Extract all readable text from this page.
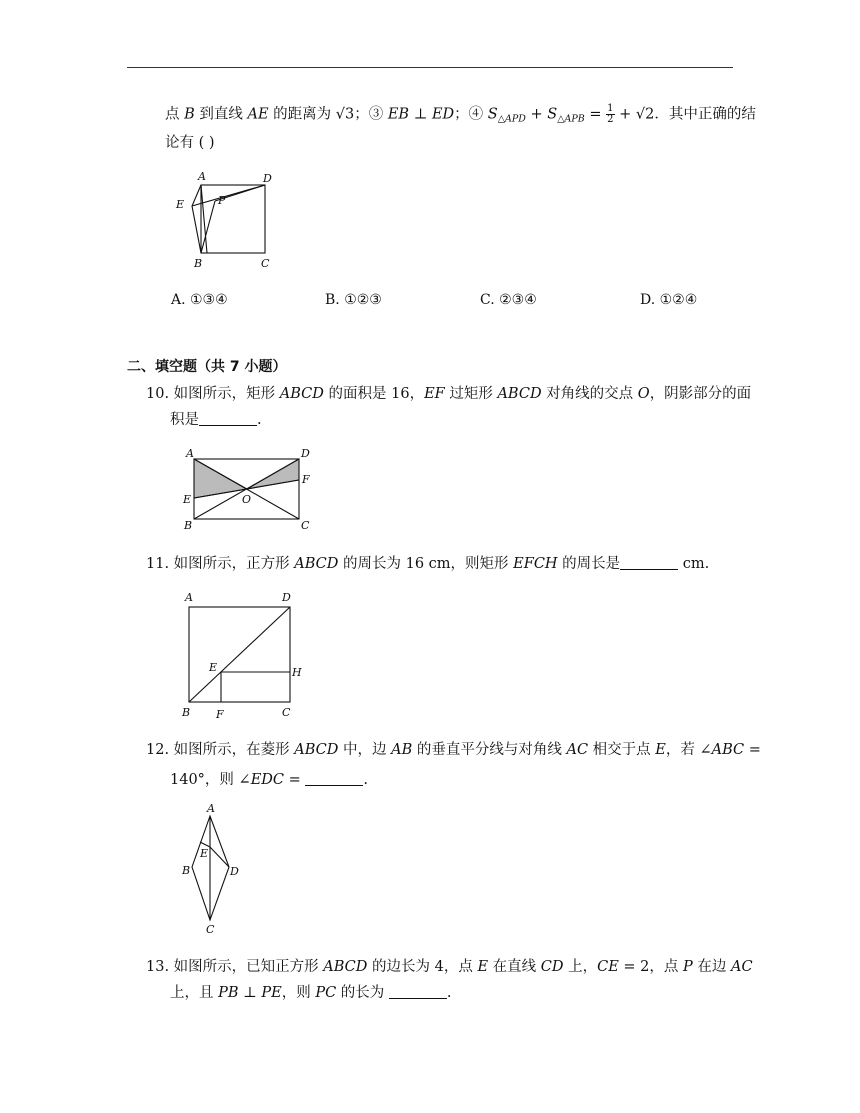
点 B 到直线 AE 的距离为 √3；③ EB ⊥ ED；④ $S_{\triangle APD} + S_{\triangle APB} = \frac{1}{2} + √2$．其中正确的结
论有 ( )
A	D
E	P
B	C
A. ①③④	B. ①②③	C. ②③④	D. ①②④
二、填空题（共 7 小题）
10. 如图所示，矩形 ABCD 的面积是 16，EF 过矩形 ABCD 对角线的交点 O，阴影部分的面
积是	.
A	D
F
E	O
B	C
11. 如图所示，正方形 ABCD 的周长为 16 cm，则矩形 EFCH 的周长是	cm.
A	D
E	H
B F	C
12. 如图所示，在菱形 ABCD 中，边 AB 的垂直平分线与对角线 AC 相交于点 E，若 ∠ABC =
140°，则 ∠EDC =	.
A
E
B	D
C
13. 如图所示，已知正方形 ABCD 的边长为 4，点 E 在直线 CD 上，CE = 2，点 P 在边 AC
上，且 PB ⊥ PE，则 PC 的长为	.
